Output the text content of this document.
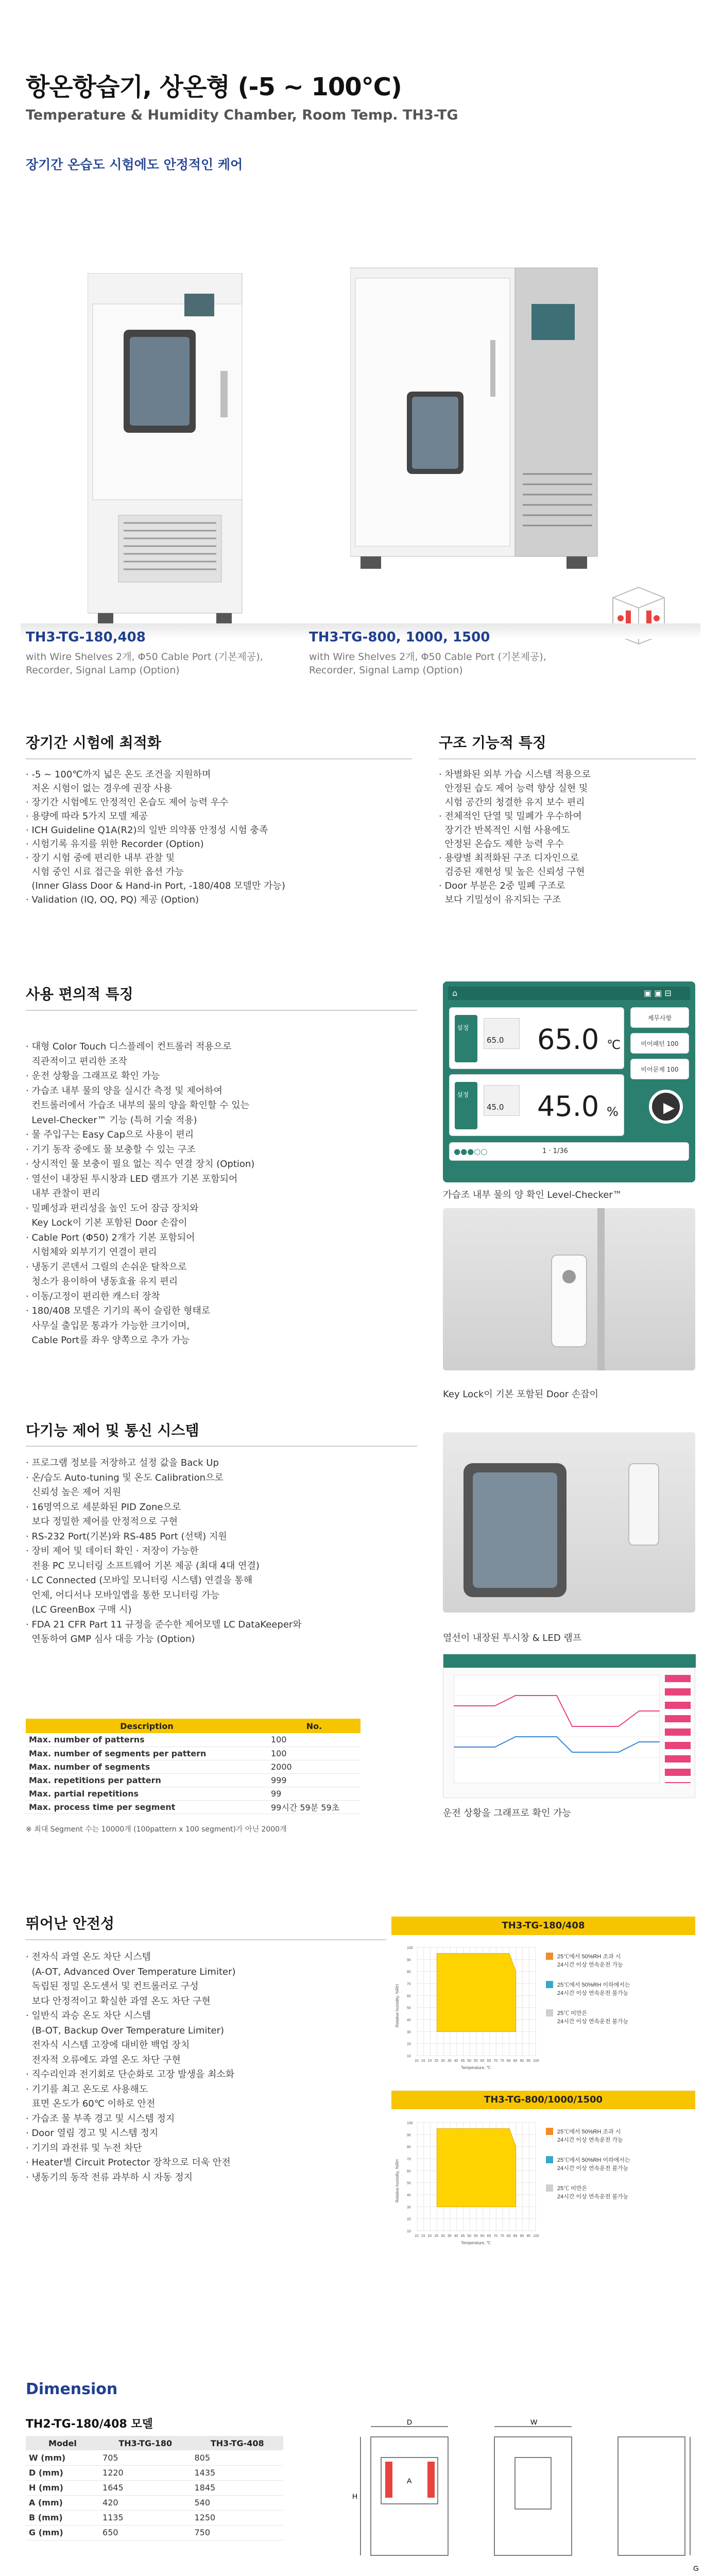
항온항습기, 상온형 (-5 ~ 100℃)
Temperature & Humidity Chamber, Room Temp. TH3-TG
장기간 온습도 시험에도 안정적인 케어
TH3-TG-180,408
with Wire Shelves 2개, Φ50 Cable Port (기본제공),
Recorder, Signal Lamp (Option)
TH3-TG-800, 1000, 1500
with Wire Shelves 2개, Φ50 Cable Port (기본제공),
Recorder, Signal Lamp (Option)
장기간 시험에 최적화
· -5 ~ 100℃까지 넓은 온도 조건을 지원하며
저온 시험이 없는 경우에 권장 사용
· 장기간 시험에도 안정적인 온습도 제어 능력 우수
· 용량에 따라 5가지 모델 제공
· ICH Guideline Q1A(R2)의 일반 의약품 안정성 시험 충족
· 시험기록 유지를 위한 Recorder (Option)
· 장기 시험 중에 편리한 내부 관찰 및
시험 중인 시료 접근을 위한 옵션 가능
(Inner Glass Door & Hand-in Port, -180/408 모델만 가능)
· Validation (IQ, OQ, PQ) 제공 (Option)
구조 기능적 특징
· 차별화된 외부 가습 시스템 적용으로
안정된 습도 제어 능력 향상 실현 및
시험 공간의 청결한 유지 보수 편리
· 전체적인 단열 및 밀폐가 우수하여
장기간 반복적인 시험 사용에도
안정된 온습도 제한 능력 우수
· 용량별 최적화된 구조 디자인으로
검증된 재현성 및 높은 신뢰성 구현
· Door 부분은 2중 밀폐 구조로
보다 기밀성이 유지되는 구조
사용 편의적 특징
· 대형 Color Touch 디스플레이 컨트롤러 적용으로
직관적이고 편리한 조작
· 운전 상황을 그래프로 확인 가능
· 가습조 내부 물의 양을 실시간 측정 및 제어하여
컨트롤러에서 가습조 내부의 물의 양을 확인할 수 있는
Level-Checker™ 기능 (특허 기술 적용)
· 물 주입구는 Easy Cap으로 사용이 편리
· 기기 동작 중에도 물 보충할 수 있는 구조
· 상시적인 물 보충이 필요 없는 직수 연결 장치 (Option)
· 열선이 내장된 투시창과 LED 램프가 기본 포함되어
내부 관찰이 편리
· 밀폐성과 편리성을 높인 도어 잠금 장치와
Key Lock이 기본 포함된 Door 손잡이
· Cable Port (Φ50) 2개가 기본 포함되어
시험체와 외부기기 연결이 편리
· 냉동기 콘덴서 그릴의 손쉬운 탈착으로
청소가 용이하여 냉동효율 유지 편리
· 이동/고정이 편리한 캐스터 장착
· 180/408 모델은 기기의 폭이 슬림한 형태로
사무실 출입문 통과가 가능한 크기이며,
Cable Port를 좌우 양쪽으로 추가 가능
⌂	▣ ▣ ⊟
설정
65.0 65.0 ℃
설정
45.0 45.0 %
제무사항
비어패턴 100
비어문제 100
▶
●●●○○	1 · 1/36
가습조 내부 물의 양 확인 Level-Checker™
Key Lock이 기본 포함된 Door 손잡이
다기능 제어 및 통신 시스템
· 프로그램 정보를 저장하고 설정 값을 Back Up
· 온/습도 Auto-tuning 및 온도 Calibration으로
신뢰성 높은 제어 지원
· 16명역으로 세분화된 PID Zone으로
보다 정밀한 제어를 안정적으로 구현
· RS-232 Port(기본)와 RS-485 Port (선택) 지원
· 장비 제어 및 데이터 확인 · 저장이 가능한
전용 PC 모니터링 소프트웨어 기본 제공 (최대 4대 연결)
· LC Connected (모바일 모니터링 시스템) 연결을 통해
언제, 어디서나 모바일앱을 통한 모니터링 가능
(LC GreenBox 구매 시)
· FDA 21 CFR Part 11 규정을 준수한 제어모델 LC DataKeeper와
연동하여 GMP 심사 대응 가능 (Option)	열선이 내장된 투시창 & LED 램프
운전 상황을 그래프로 확인 가능
Description	No.
Max. number of patterns	100
Max. number of segments per pattern	100
Max. number of segments	2000
Max. repetitions per pattern	999
Max. partial repetitions	99
Max. process time per segment	99시간 59분 59초
※ 최대 Segment 수는 10000개 (100pattern x 100 segment)가 아닌 2000개
뛰어난 안전성
· 전자식 과열 온도 차단 시스템
(A-OT, Advanced Over Temperature Limiter)
독립된 정밀 온도센서 및 컨트롤러로 구성
보다 안정적이고 확실한 과열 온도 차단 구현
· 일반식 과승 온도 차단 시스템
(B-OT, Backup Over Temperature Limiter)
전자식 시스템 고장에 대비한 백업 장치
전자적 오류에도 과열 온도 차단 구현
· 직수리인과 전기회로 단순화로 고장 발생을 최소화
· 기기를 최고 온도로 사용해도
표면 온도가 60℃ 이하로 안전
· 가습조 물 부족 경고 및 시스템 정지
· Door 열림 경고 및 시스템 정지
· 기기의 과전류 및 누전 차단
· Heater별 Circuit Protector 장착으로 더욱 안전
· 냉동기의 동작 전류 과부하 시 자동 정지
TH3-TG-180/408
10 15 20 25 30 35 40 45 50 55 60 65 70 75 80 85 90 95 100
100
90
80
70
60
50
40
30
20
10
Relative humidity, %RH
Temperature, ℃
25℃에서 50%RH 조과 시
24시간 이상 연속운전 가능
25℃에서 50%RH 이하에서는
24시간 이상 연속운전 불가능
25℃ 미만은
24시간 이상 연속운전 불가능
TH3-TG-800/1000/1500
10 15 20 25 30 35 40 45 50 55 60 65 70 75 80 85 90 95 100
100
90
80
70
60
50
40
30
20
10
Relative humidity, %RH
Temperature, ℃
25℃에서 50%RH 조과 시
24시간 이상 연속운전 가능
25℃에서 50%RH 이하에서는
24시간 이상 연속운전 불가능
25℃ 미만은
24시간 이상 연속운전 불가능
Dimension
TH2-TG-180/408 모델
Model	TH3-TG-180	TH3-TG-408
W (mm)	705	805
D (mm)	1220	1435
H (mm)	1645	1845
A (mm)	420	540
B (mm)	1135	1250
G (mm)	650	750

D	W
H
A
G
